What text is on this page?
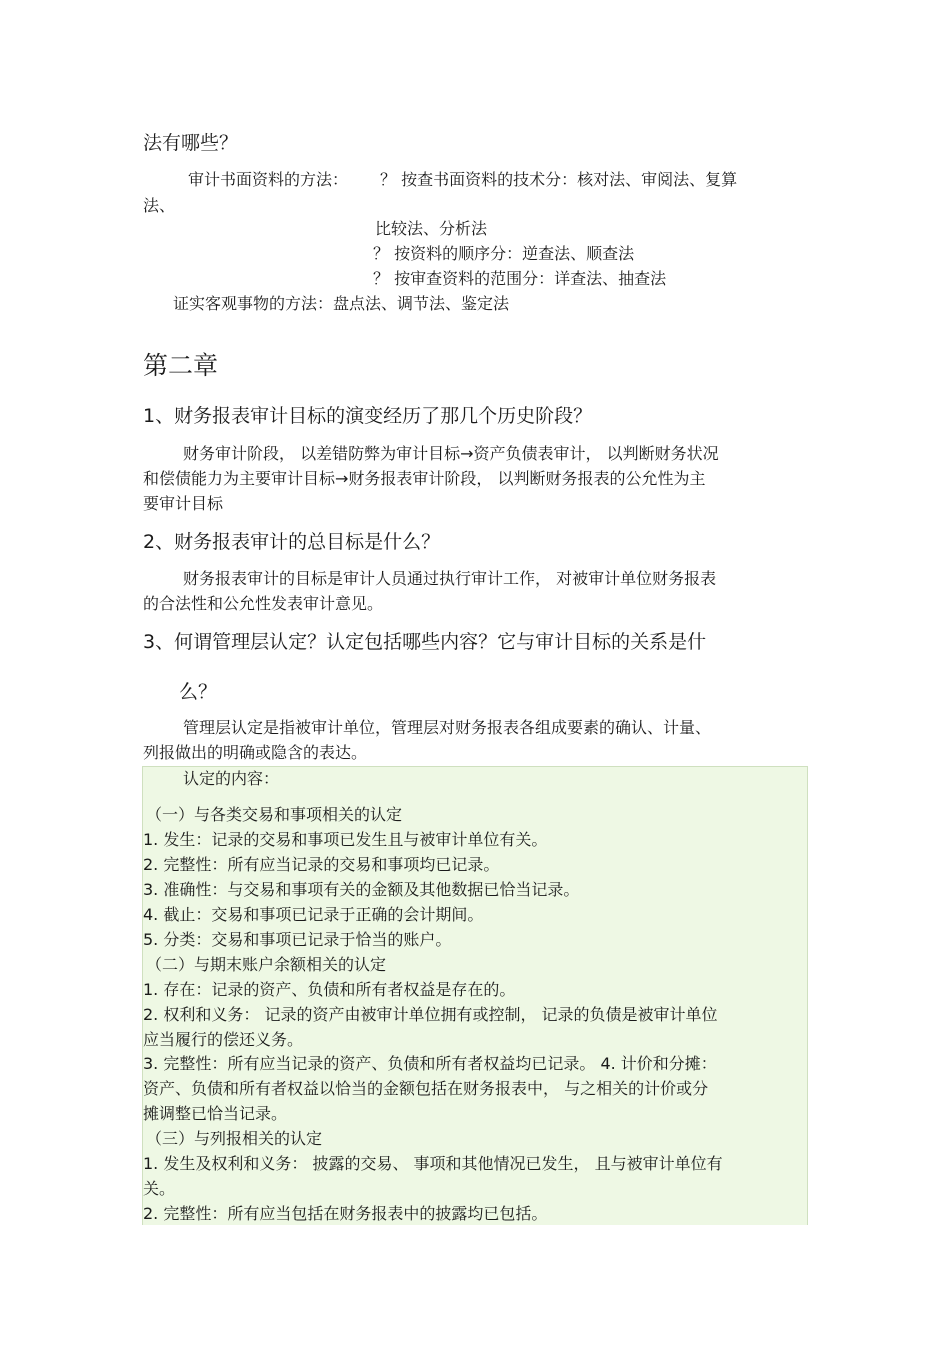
法有哪些？
审计书面资料的方法： ？ 按查书面资料的技术分：核对法、审阅法、复算
法、
比较法、分析法
？ 按资料的顺序分：逆查法、顺查法
？ 按审查资料的范围分：详查法、抽查法
证实客观事物的方法：盘点法、调节法、鉴定法
第二章
1、财务报表审计目标的演变经历了那几个历史阶段？
财务审计阶段， 以差错防弊为审计目标→资产负债表审计， 以判断财务状况
和偿债能力为主要审计目标→财务报表审计阶段， 以判断财务报表的公允性为主
要审计目标
2、财务报表审计的总目标是什么？
财务报表审计的目标是审计人员通过执行审计工作， 对被审计单位财务报表
的合法性和公允性发表审计意见。
3、何谓管理层认定？认定包括哪些内容？它与审计目标的关系是什
么？
管理层认定是指被审计单位，管理层对财务报表各组成要素的确认、计量、
列报做出的明确或隐含的表达。
认定的内容：
（一）与各类交易和事项相关的认定
1. 发生：记录的交易和事项已发生且与被审计单位有关。
2. 完整性：所有应当记录的交易和事项均已记录。
3. 准确性：与交易和事项有关的金额及其他数据已恰当记录。
4. 截止：交易和事项已记录于正确的会计期间。
5. 分类：交易和事项已记录于恰当的账户。
（二）与期末账户余额相关的认定
1. 存在：记录的资产、负债和所有者权益是存在的。
2. 权利和义务： 记录的资产由被审计单位拥有或控制， 记录的负债是被审计单位
应当履行的偿还义务。
3. 完整性：所有应当记录的资产、负债和所有者权益均已记录。 4. 计价和分摊：
资产、负债和所有者权益以恰当的金额包括在财务报表中， 与之相关的计价或分
摊调整已恰当记录。
（三）与列报相关的认定
1. 发生及权利和义务： 披露的交易、 事项和其他情况已发生， 且与被审计单位有
关。
2. 完整性：所有应当包括在财务报表中的披露均已包括。
